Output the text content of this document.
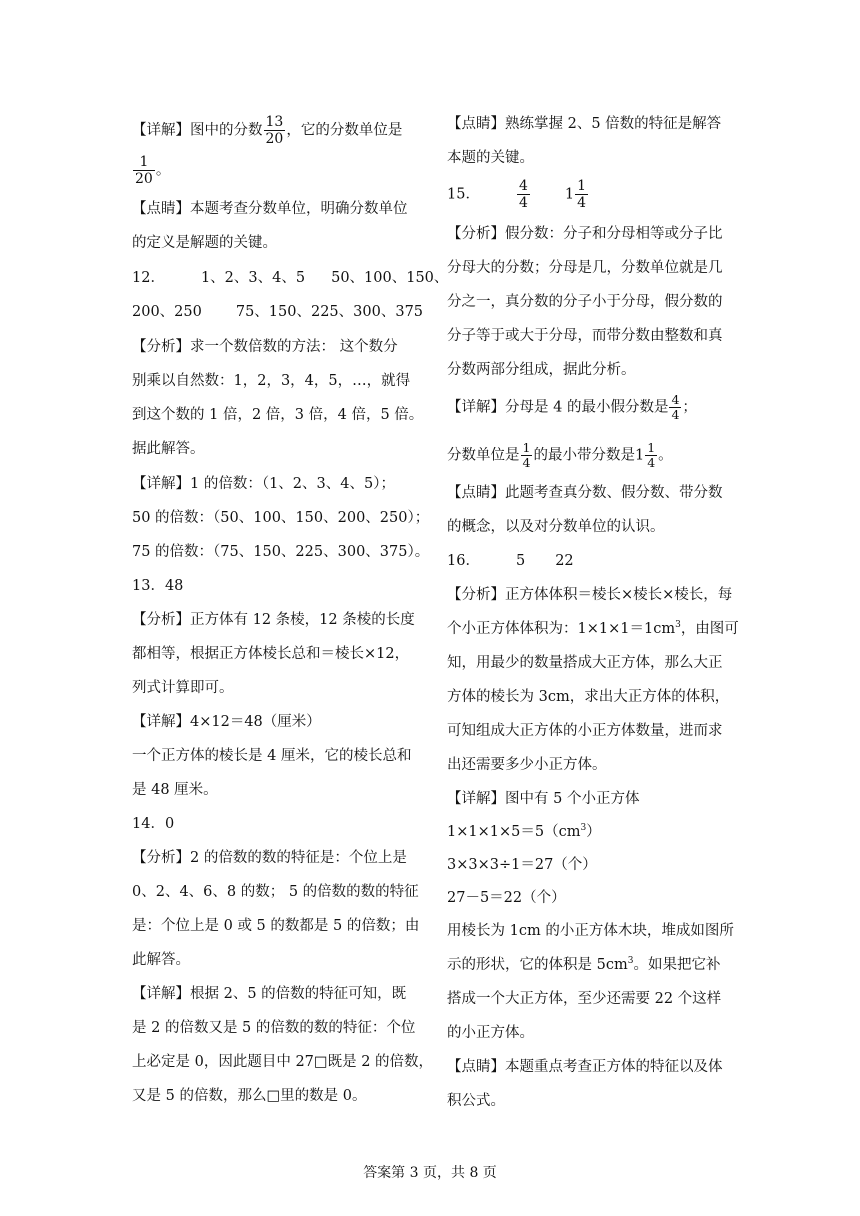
【详解】图中的分数 $\frac{13}{20}$ ，它的分数单位是
$\frac{1}{20}$ 。
【点睛】本题考查分数单位，明确分数单位
的定义是解题的关键。
12． 1、2、3、4、5 50、100、150、
200、250 75、150、225、300、375
【分析】求一个数倍数的方法： 这个数分
别乘以自然数：1，2，3，4，5，…，就得
到这个数的 1 倍，2 倍，3 倍，4 倍，5 倍。
据此解答。
【详解】1 的倍数：（1、2、3、4、5）；
50 的倍数：（50、100、150、200、250）；
75 的倍数：（75、150、225、300、375）。
13．48
【分析】正方体有 12 条棱，12 条棱的长度
都相等，根据正方体棱长总和＝棱长×12，
列式计算即可。
【详解】4×12＝48（厘米）
一个正方体的棱长是 4 厘米，它的棱长总和
是 48 厘米。
14．0
【分析】2 的倍数的数的特征是：个位上是
0、2、4、6、8 的数； 5 的倍数的数的特征
是：个位上是 0 或 5 的数都是 5 的倍数；由
此解答。
【详解】根据 2、5 的倍数的特征可知，既
是 2 的倍数又是 5 的倍数的数的特征：个位
上必定是 0，因此题目中 27□既是 2 的倍数，
又是 5 的倍数，那么□里的数是 0。
【点睛】熟练掌握 2、5 倍数的特征是解答
本题的关键。
15．	$\frac{4}{4} 1 \frac{1}{4}$
【分析】假分数：分子和分母相等或分子比
分母大的分数；分母是几，分数单位就是几
分之一，真分数的分子小于分母，假分数的
分子等于或大于分母，而带分数由整数和真
分数两部分组成，据此分析。
【详解】分母是 4 的最小假分数是 $\frac{4}{4}$ ；
分数单位是 $\frac{1}{4}$ 的最小带分数是$1 \frac{1}{4}$ 。
【点睛】此题考查真分数、假分数、带分数
的概念，以及对分数单位的认识。
16． 5 22
【分析】正方体体积＝棱长×棱长×棱长，每
个小正方体体积为：$1\times 1\times 1=1cm^3$，由图可
知，用最少的数量搭成大正方体，那么大正
方体的棱长为 3cm，求出大正方体的体积，
可知组成大正方体的小正方体数量，进而求
出还需要多少小正方体。
【详解】图中有 5 个小正方体
$1\times 1\times 1\times 5=5(cm^3)$
3×3×3÷1＝27（个）
27－5＝22（个）
用棱长为 1cm 的小正方体木块，堆成如图所
示的形状，它的体积是 $5cm^3$。如果把它补
搭成一个大正方体，至少还需要 22 个这样
的小正方体。
【点睛】本题重点考查正方体的特征以及体
积公式。
答案第 3 页，共 8 页
